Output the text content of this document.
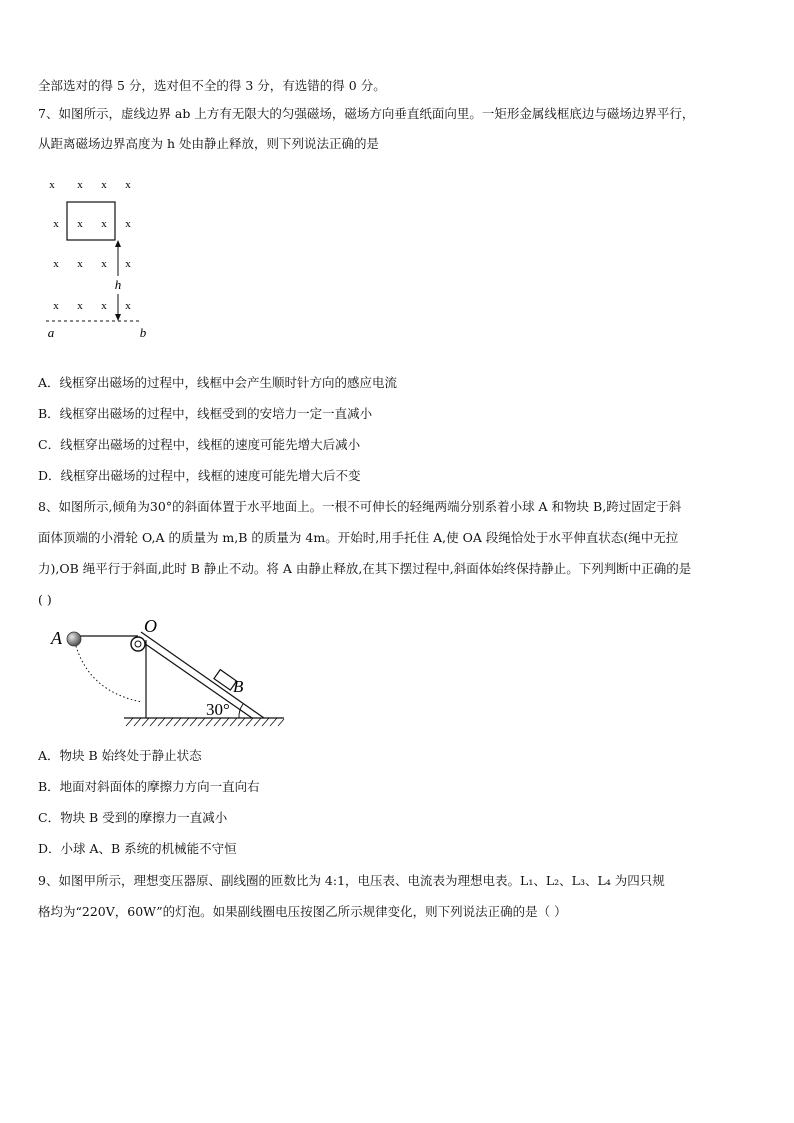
全部选对的得 5 分，选对但不全的得 3 分，有选错的得 0 分。
7、如图所示，虚线边界 ab 上方有无限大的匀强磁场，磁场方向垂直纸面向里。一矩形金属线框底边与磁场边界平行，
从距离磁场边界高度为 h 处由静止释放，则下列说法正确的是
x x x x
x x x x
x x x x
x x x x
h
a	b
A．线框穿出磁场的过程中，线框中会产生顺时针方向的感应电流
B．线框穿出磁场的过程中，线框受到的安培力一定一直减小
C．线框穿出磁场的过程中，线框的速度可能先增大后减小
D．线框穿出磁场的过程中，线框的速度可能先增大后不变
8、如图所示,倾角为30°的斜面体置于水平地面上。一根不可伸长的轻绳两端分别系着小球 A 和物块 B,跨过固定于斜
面体顶端的小滑轮 O,A 的质量为 m,B 的质量为 4m。开始时,用手托住 A,使 OA 段绳恰处于水平伸直状态(绳中无拉
力),OB 绳平行于斜面,此时 B 静止不动。将 A 由静止释放,在其下摆过程中,斜面体始终保持静止。下列判断中正确的是
( )
A
O
B
30°
A．物块 B 始终处于静止状态
B．地面对斜面体的摩擦力方向一直向右
C．物块 B 受到的摩擦力一直减小
D．小球 A、B 系统的机械能不守恒
9、如图甲所示，理想变压器原、副线圈的匝数比为 4:1，电压表、电流表为理想电表。L₁、L₂、L₃、L₄ 为四只规
格均为“220V，60W”的灯泡。如果副线圈电压按图乙所示规律变化，则下列说法正确的是（ ）
